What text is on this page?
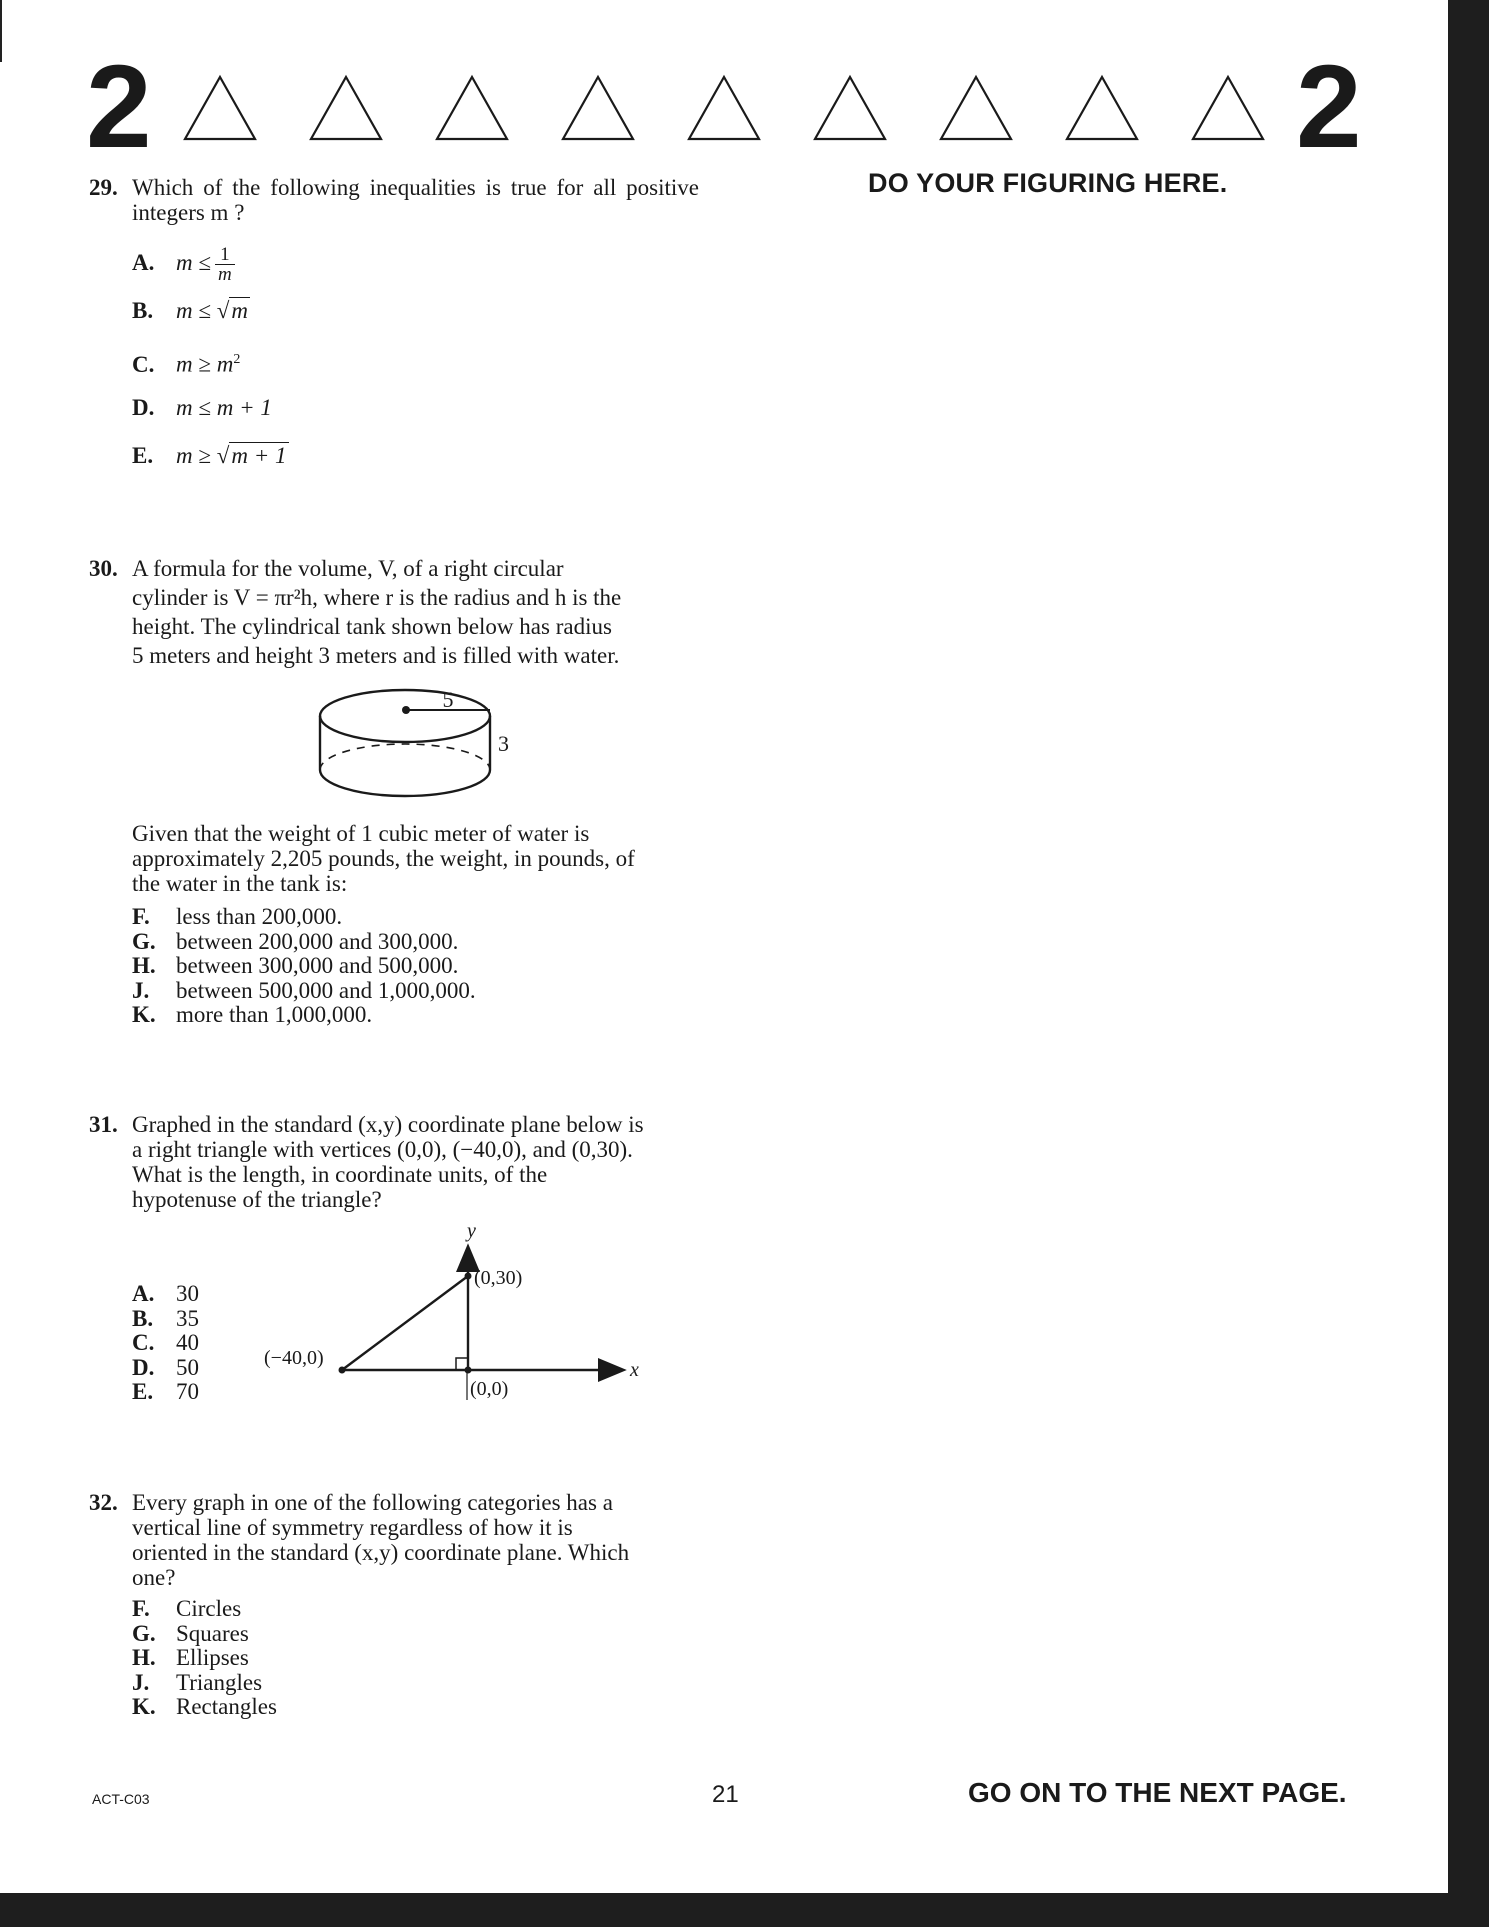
2	2
DO YOUR FIGURING HERE.
29. Which of the following inequalities is true for all positive integers m ?
A. $m \le \frac{1}{m}$
B. m ≤ √m
C. $m \ge m^2$
D. m ≤ m + 1
E. m ≥ √m + 1
30. A formula for the volume, V, of a right circular
cylinder is V = πr²h, where r is the radius and h is the
height. The cylindrical tank shown below has radius
5 meters and height 3 meters and is filled with water.
5
3
Given that the weight of 1 cubic meter of water is
approximately 2,205 pounds, the weight, in pounds, of
the water in the tank is:
F. less than 200,000.
G. between 200,000 and 300,000.
H. between 300,000 and 500,000.
J. between 500,000 and 1,000,000.
K. more than 1,000,000.
31. Graphed in the standard (x,y) coordinate plane below is
a right triangle with vertices (0,0), (−40,0), and (0,30).
What is the length, in coordinate units, of the
hypotenuse of the triangle?
A. 30
B. 35
C. 40
D. 50
E. 70
y
x
(0,30)
(−40,0)
(0,0)
32. Every graph in one of the following categories has a
vertical line of symmetry regardless of how it is
oriented in the standard (x,y) coordinate plane. Which
one?
F. Circles
G. Squares
H. Ellipses
J. Triangles
K. Rectangles
ACT-C03	21	GO ON TO THE NEXT PAGE.
